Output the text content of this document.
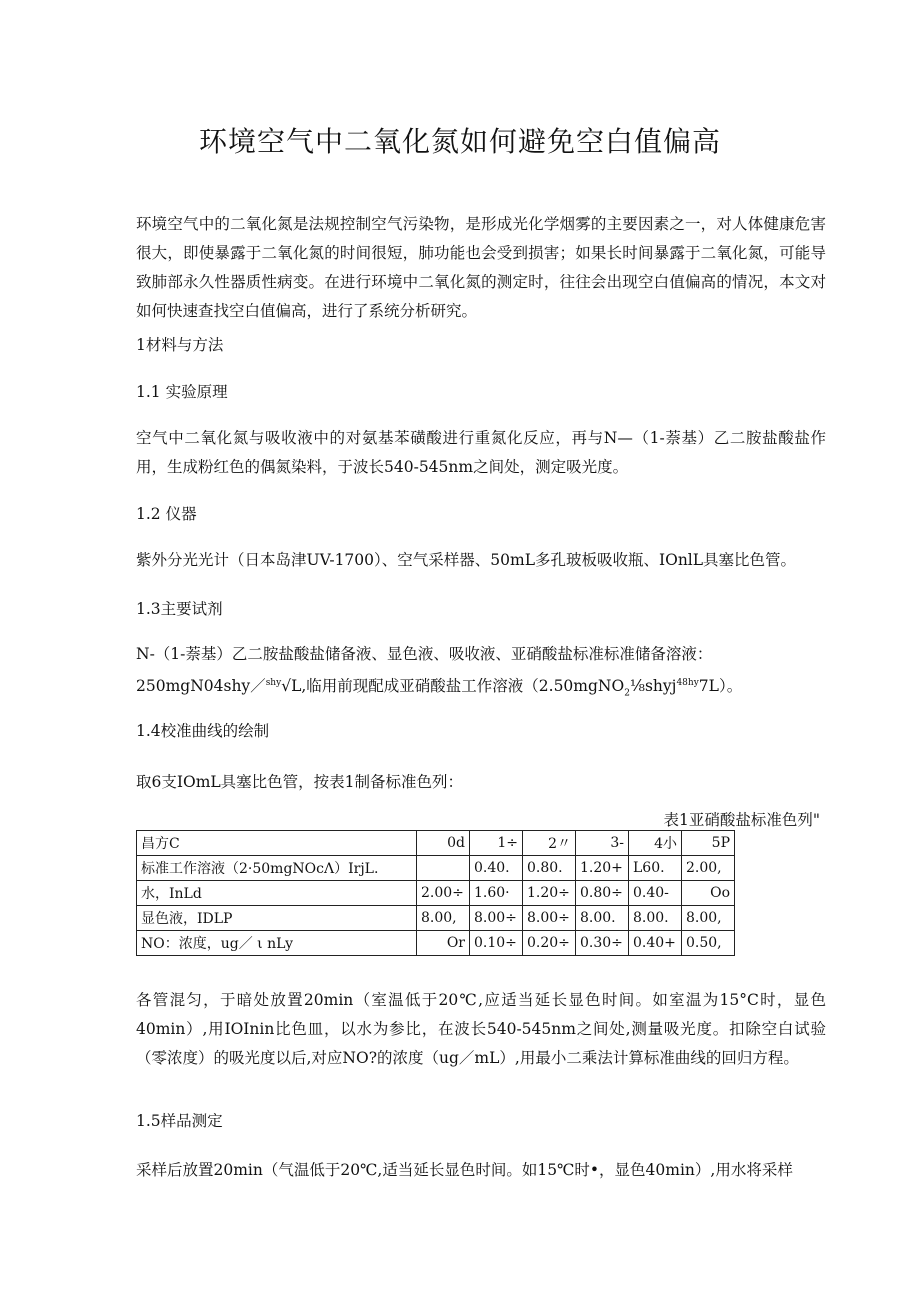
环境空气中二氧化氮如何避免空白值偏高
环境空气中的二氧化氮是法规控制空气污染物，是形成光化学烟雾的主要因素之一，对人体健康危害很大，即使暴露于二氧化氮的时间很短，肺功能也会受到损害；如果长时间暴露于二氧化氮，可能导致肺部永久性器质性病变。在进行环境中二氧化氮的测定时，往往会出现空白值偏高的情况，本文对如何快速查找空白值偏高，进行了系统分析研究。
1材料与方法
1.1 实验原理
空气中二氧化氮与吸收液中的对氨基苯磺酸进行重氮化反应，再与N—（1-萘基）乙二胺盐酸盐作用，生成粉红色的偶氮染料，于波长540-545nm之间处，测定吸光度。
1.2 仪器
紫外分光光计（日本岛津UV-1700）、空气采样器、50mL多孔玻板吸收瓶、IOnlL具塞比色管。
1.3主要试剂
N-（1-萘基）乙二胺盐酸盐储备液、显色液、吸收液、亚硝酸盐标准标准储备溶液：
250mgN04shy／$^{shy}$√L,临用前现配成亚硝酸盐工作溶液（2.50mgNO$_2$⅛shyj$^{48hy}$7L）。
1.4校准曲线的绘制
取6支IOmL具塞比色管，按表1制备标准色列：
表1亚硝酸盐标准色列"
昌方C	0d	1÷	2〃	3-	4小	5P
标准工作溶液（2·50mgNOcΛ）IrjL.		0.40.	0.80.	1.20+	L60.	2.00,
水，InLd	2.00÷	1.60·	1.20÷	0.80÷	0.40-	Oo
显色液，IDLP	8.00,	8.00÷	8.00÷	8.00.	8.00.	8.00,
NO：浓度，ug／ ι nLy	Or	0.10÷	0.20÷	0.30÷	0.40+	0.50,
各管混匀，于暗处放置20min（室温低于20℃,应适当延长显色时间。如室温为15°C时，显色40min）,用IOInin比色皿，以水为参比，在波长540-545nm之间处,测量吸光度。扣除空白试验（零浓度）的吸光度以后,对应NO?的浓度（ug／mL）,用最小二乘法计算标准曲线的回归方程。
1.5样品测定
采样后放置20min（气温低于20℃,适当延长显色时间。如15℃时•，显色40min）,用水将采样
